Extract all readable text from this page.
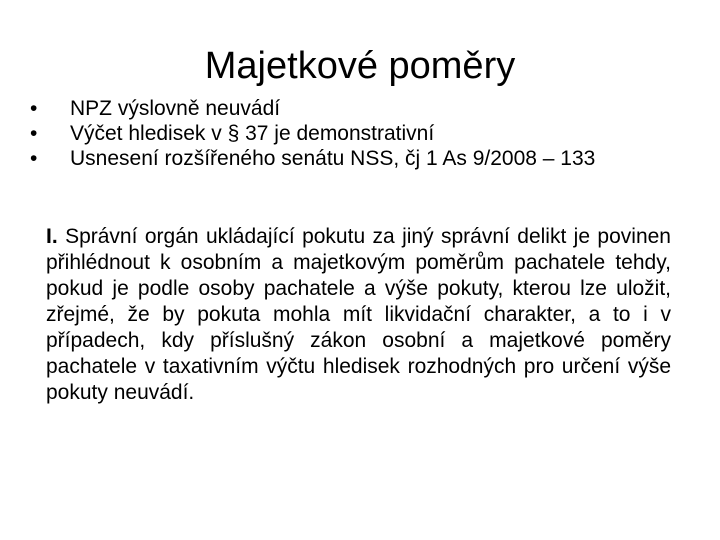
Majetkové poměry
•	NPZ výslovně neuvádí
•	Výčet hledisek v § 37 je demonstrativní
•	Usnesení rozšířeného senátu NSS, čj 1 As 9/2008 – 133

I. Správní orgán ukládající pokutu za jiný správní delikt je povinen přihlédnout k osobním a majetkovým poměrům pachatele tehdy, pokud je podle osoby pachatele a výše pokuty, kterou lze uložit, zřejmé, že by pokuta mohla mít likvidační charakter, a to i v případech, kdy příslušný zákon osobní a majetkové poměry pachatele v taxativním výčtu hledisek rozhodných pro určení výše pokuty neuvádí.
